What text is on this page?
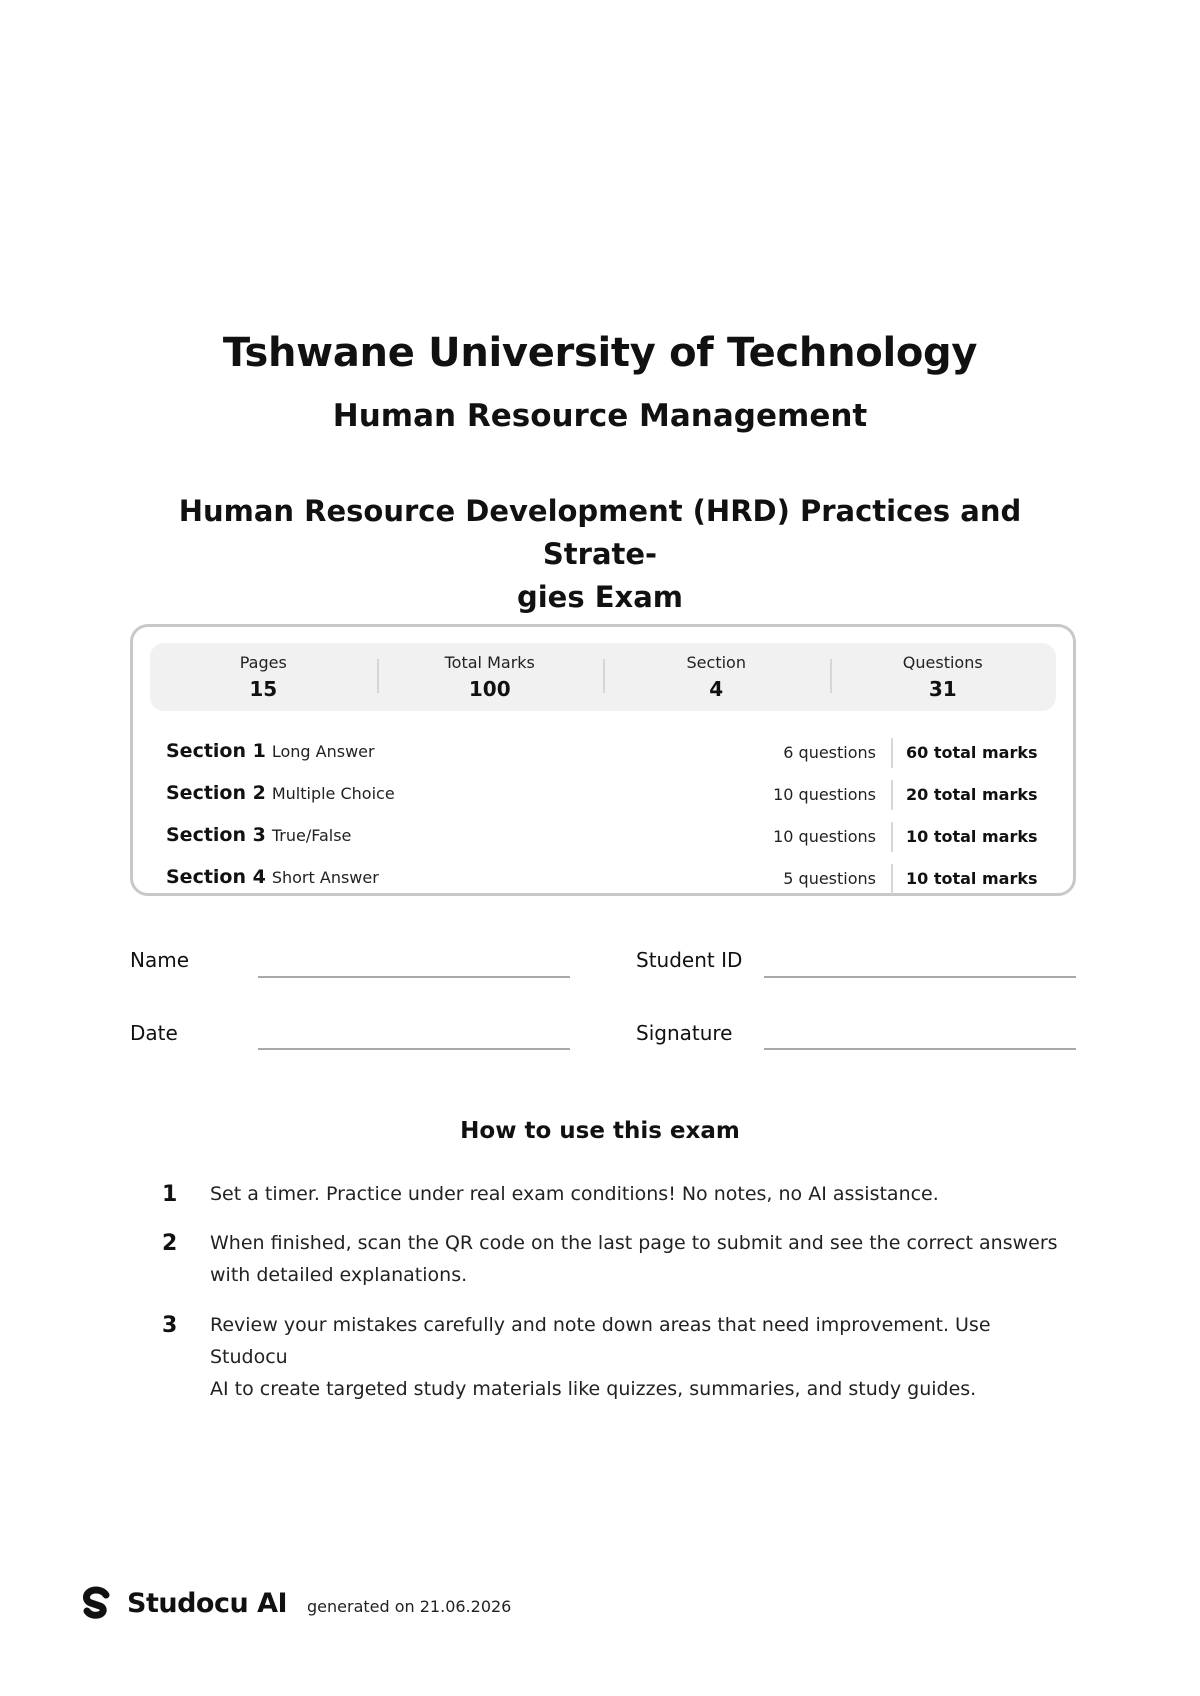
Tshwane University of Technology
Human Resource Management
Human Resource Development (HRD) Practices and Strate-
gies Exam
Pages
15
Total Marks
100
Section
4
Questions
31
Section 1 Long Answer	6 questions 60 total marks
Section 2 Multiple Choice	10 questions 20 total marks
Section 3 True/False	10 questions 10 total marks
Section 4 Short Answer	5 questions 10 total marks
Name	Student ID
Date	Signature
How to use this exam
1 Set a timer. Practice under real exam conditions! No notes, no AI assistance.
2 When finished, scan the QR code on the last page to submit and see the correct answers
with detailed explanations.
3 Review your mistakes carefully and note down areas that need improvement. Use Studocu
AI to create targeted study materials like quizzes, summaries, and study guides.
Studocu AI generated on 21.06.2026
